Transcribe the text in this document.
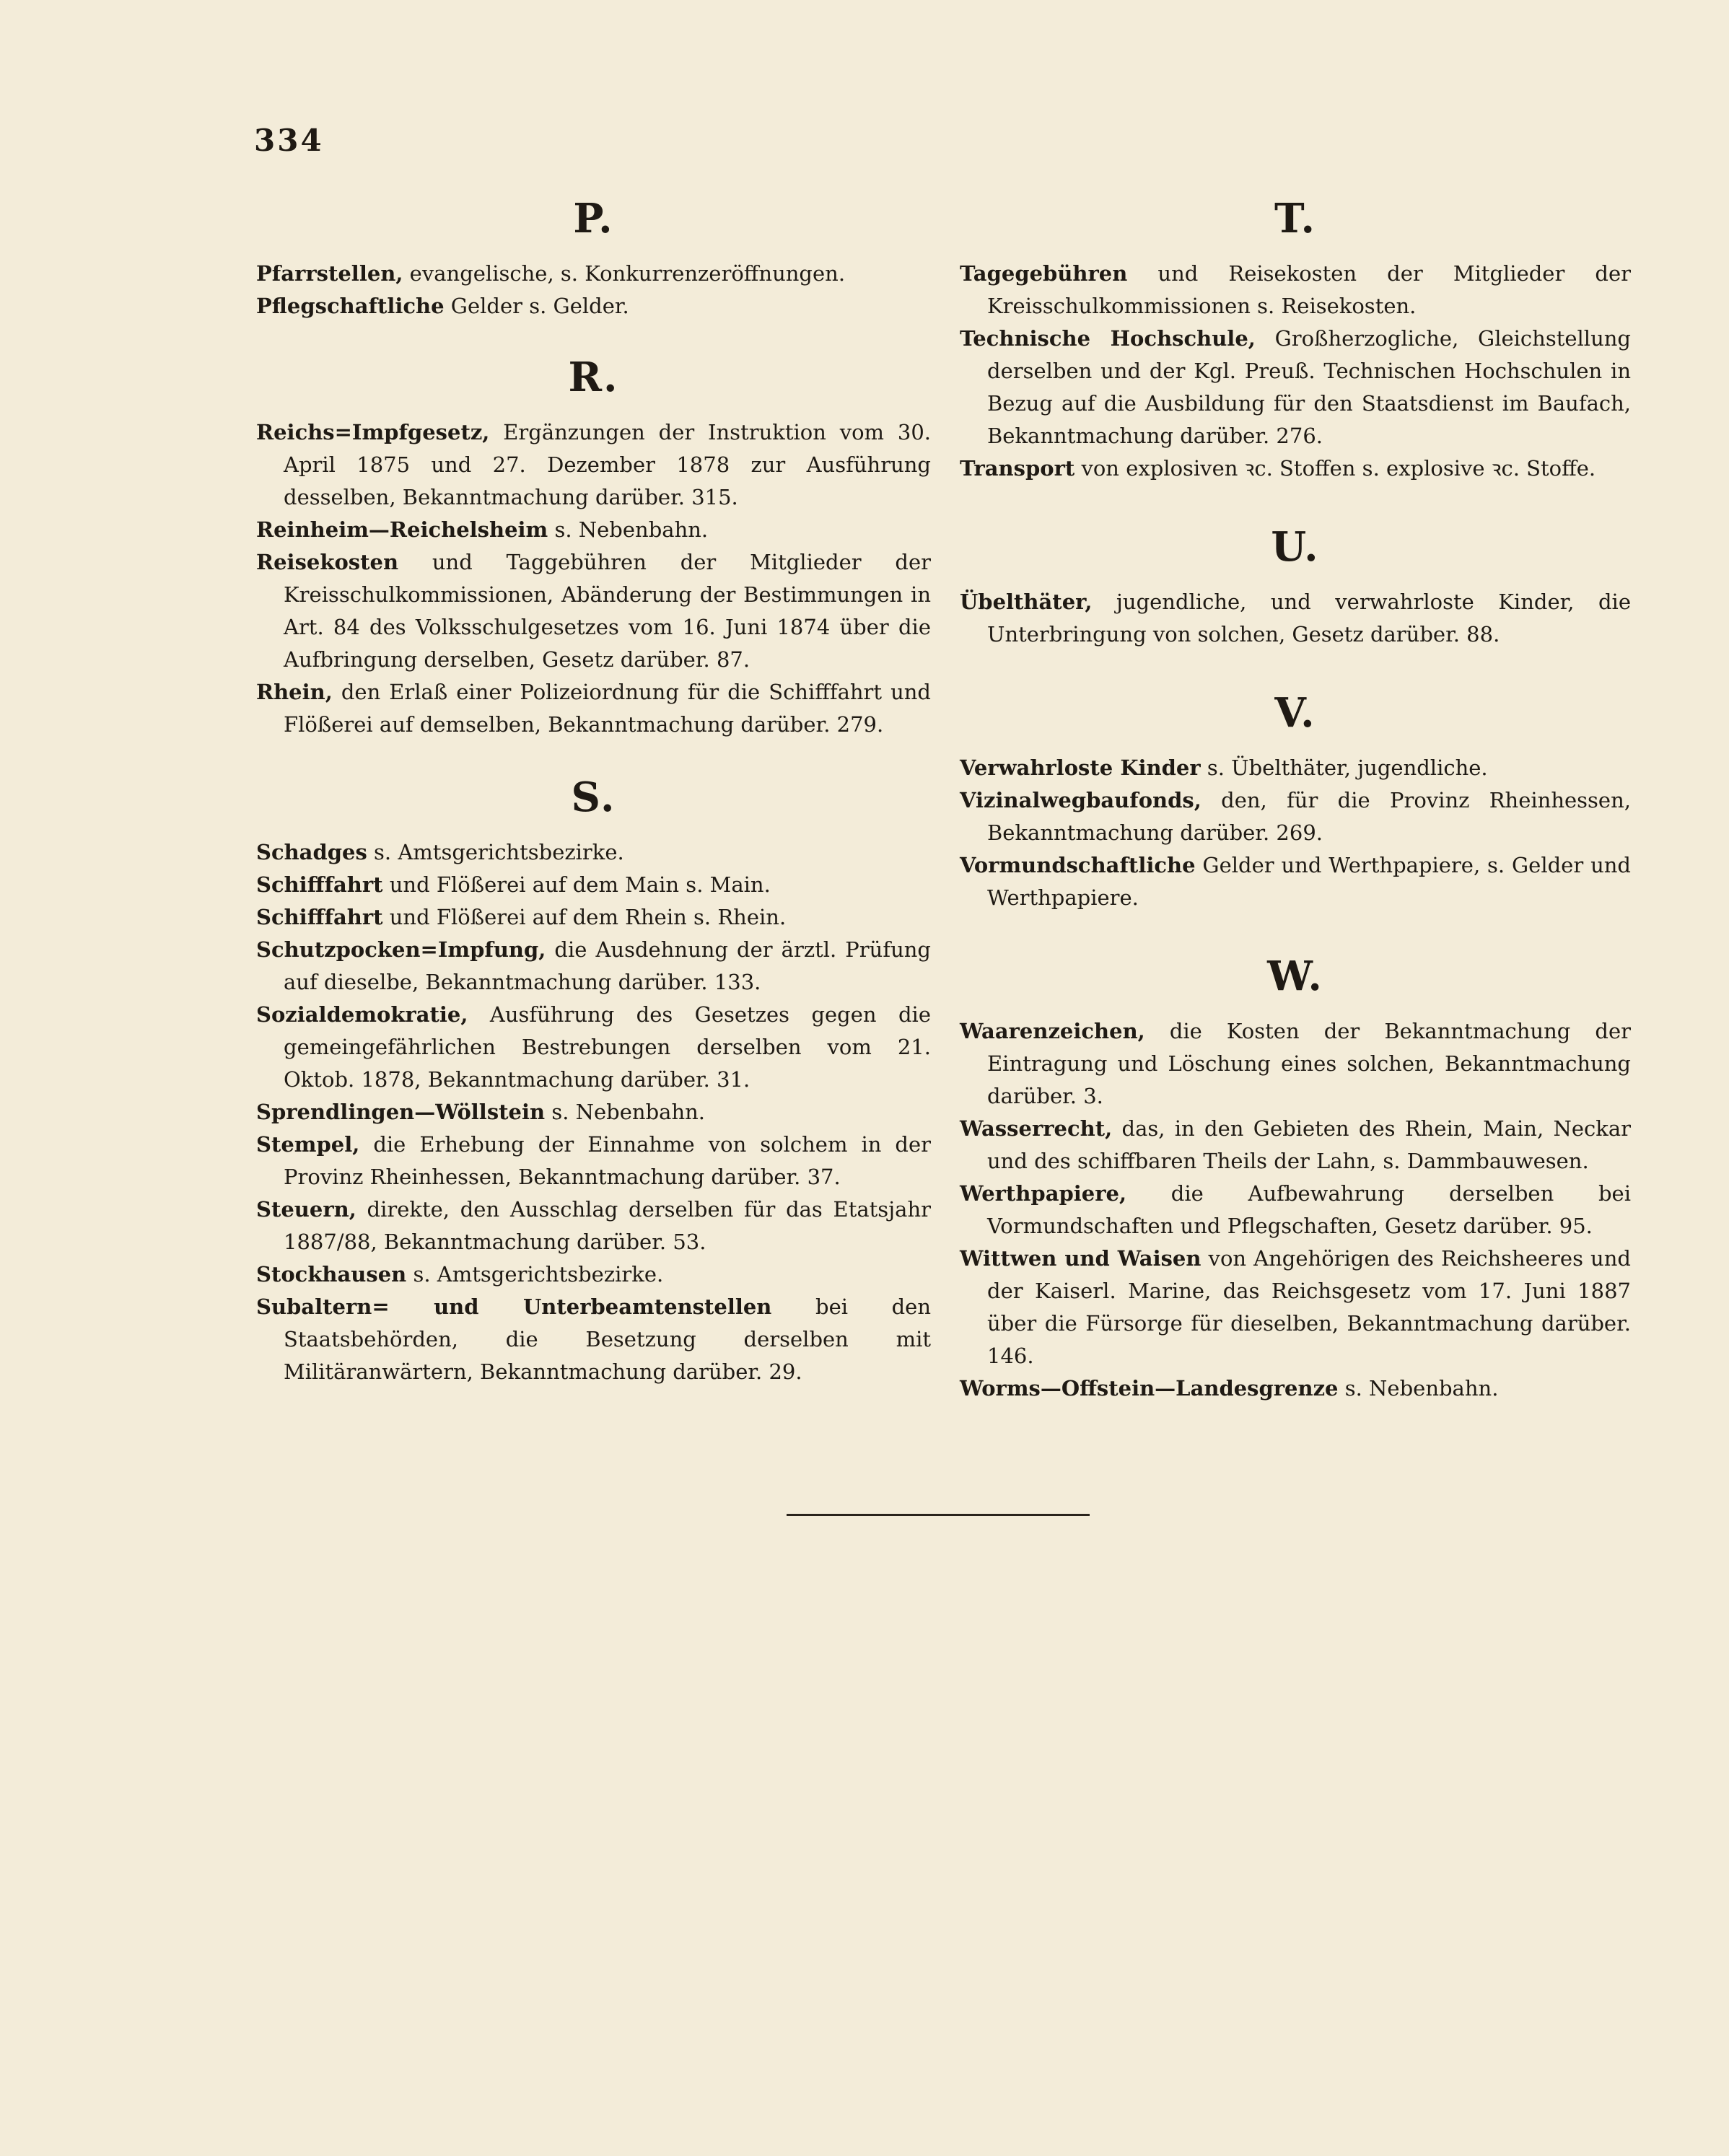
334
P.

Pfarrstellen, evangelische, s. Konkurrenzeröffnungen.

Pflegschaftliche Gelder s. Gelder.

R.

Reichs=Impfgesetz, Ergänzungen der Instruktion vom 30. April 1875 und 27. Dezember 1878 zur Ausführung desselben, Bekanntmachung darüber. 315.

Reinheim—Reichelsheim s. Nebenbahn.

Reisekosten und Taggebühren der Mitglieder der Kreisschulkommissionen, Abänderung der Bestimmungen in Art. 84 des Volksschulgesetzes vom 16. Juni 1874 über die Aufbringung derselben, Gesetz darüber. 87.

Rhein, den Erlaß einer Polizeiordnung für die Schifffahrt und Flößerei auf demselben, Bekanntmachung darüber. 279.

S.

Schadges s. Amtsgerichtsbezirke.

Schifffahrt und Flößerei auf dem Main s. Main.

Schifffahrt und Flößerei auf dem Rhein s. Rhein.

Schutzpocken=Impfung, die Ausdehnung der ärztl. Prüfung auf dieselbe, Bekanntmachung darüber. 133.

Sozialdemokratie, Ausführung des Gesetzes gegen die gemeingefährlichen Bestrebungen derselben vom 21. Oktob. 1878, Bekanntmachung darüber. 31.

Sprendlingen—Wöllstein s. Nebenbahn.

Stempel, die Erhebung der Einnahme von solchem in der Provinz Rheinhessen, Bekanntmachung darüber. 37.

Steuern, direkte, den Ausschlag derselben für das Etatsjahr 1887/88, Bekanntmachung darüber. 53.

Stockhausen s. Amtsgerichtsbezirke.

Subaltern= und Unterbeamtenstellen bei den Staatsbehörden, die Besetzung derselben mit Militäranwärtern, Bekanntmachung darüber. 29.

T.

Tagegebühren und Reisekosten der Mitglieder der Kreisschulkommissionen s. Reisekosten.

Technische Hochschule, Großherzogliche, Gleichstellung derselben und der Kgl. Preuß. Technischen Hochschulen in Bezug auf die Ausbildung für den Staatsdienst im Baufach, Bekanntmachung darüber. 276.

Transport von explosiven ꝛc. Stoffen s. explosive ꝛc. Stoffe.

U.

Übelthäter, jugendliche, und verwahrloste Kinder, die Unterbringung von solchen, Gesetz darüber. 88.

V.

Verwahrloste Kinder s. Übelthäter, jugendliche.

Vizinalwegbaufonds, den, für die Provinz Rheinhessen, Bekanntmachung darüber. 269.

Vormundschaftliche Gelder und Werthpapiere, s. Gelder und Werthpapiere.

W.

Waarenzeichen, die Kosten der Bekanntmachung der Eintragung und Löschung eines solchen, Bekanntmachung darüber. 3.

Wasserrecht, das, in den Gebieten des Rhein, Main, Neckar und des schiffbaren Theils der Lahn, s. Dammbauwesen.

Werthpapiere, die Aufbewahrung derselben bei Vormundschaften und Pflegschaften, Gesetz darüber. 95.

Wittwen und Waisen von Angehörigen des Reichsheeres und der Kaiserl. Marine, das Reichsgesetz vom 17. Juni 1887 über die Fürsorge für dieselben, Bekanntmachung darüber. 146.

Worms—Offstein—Landesgrenze s. Nebenbahn.
